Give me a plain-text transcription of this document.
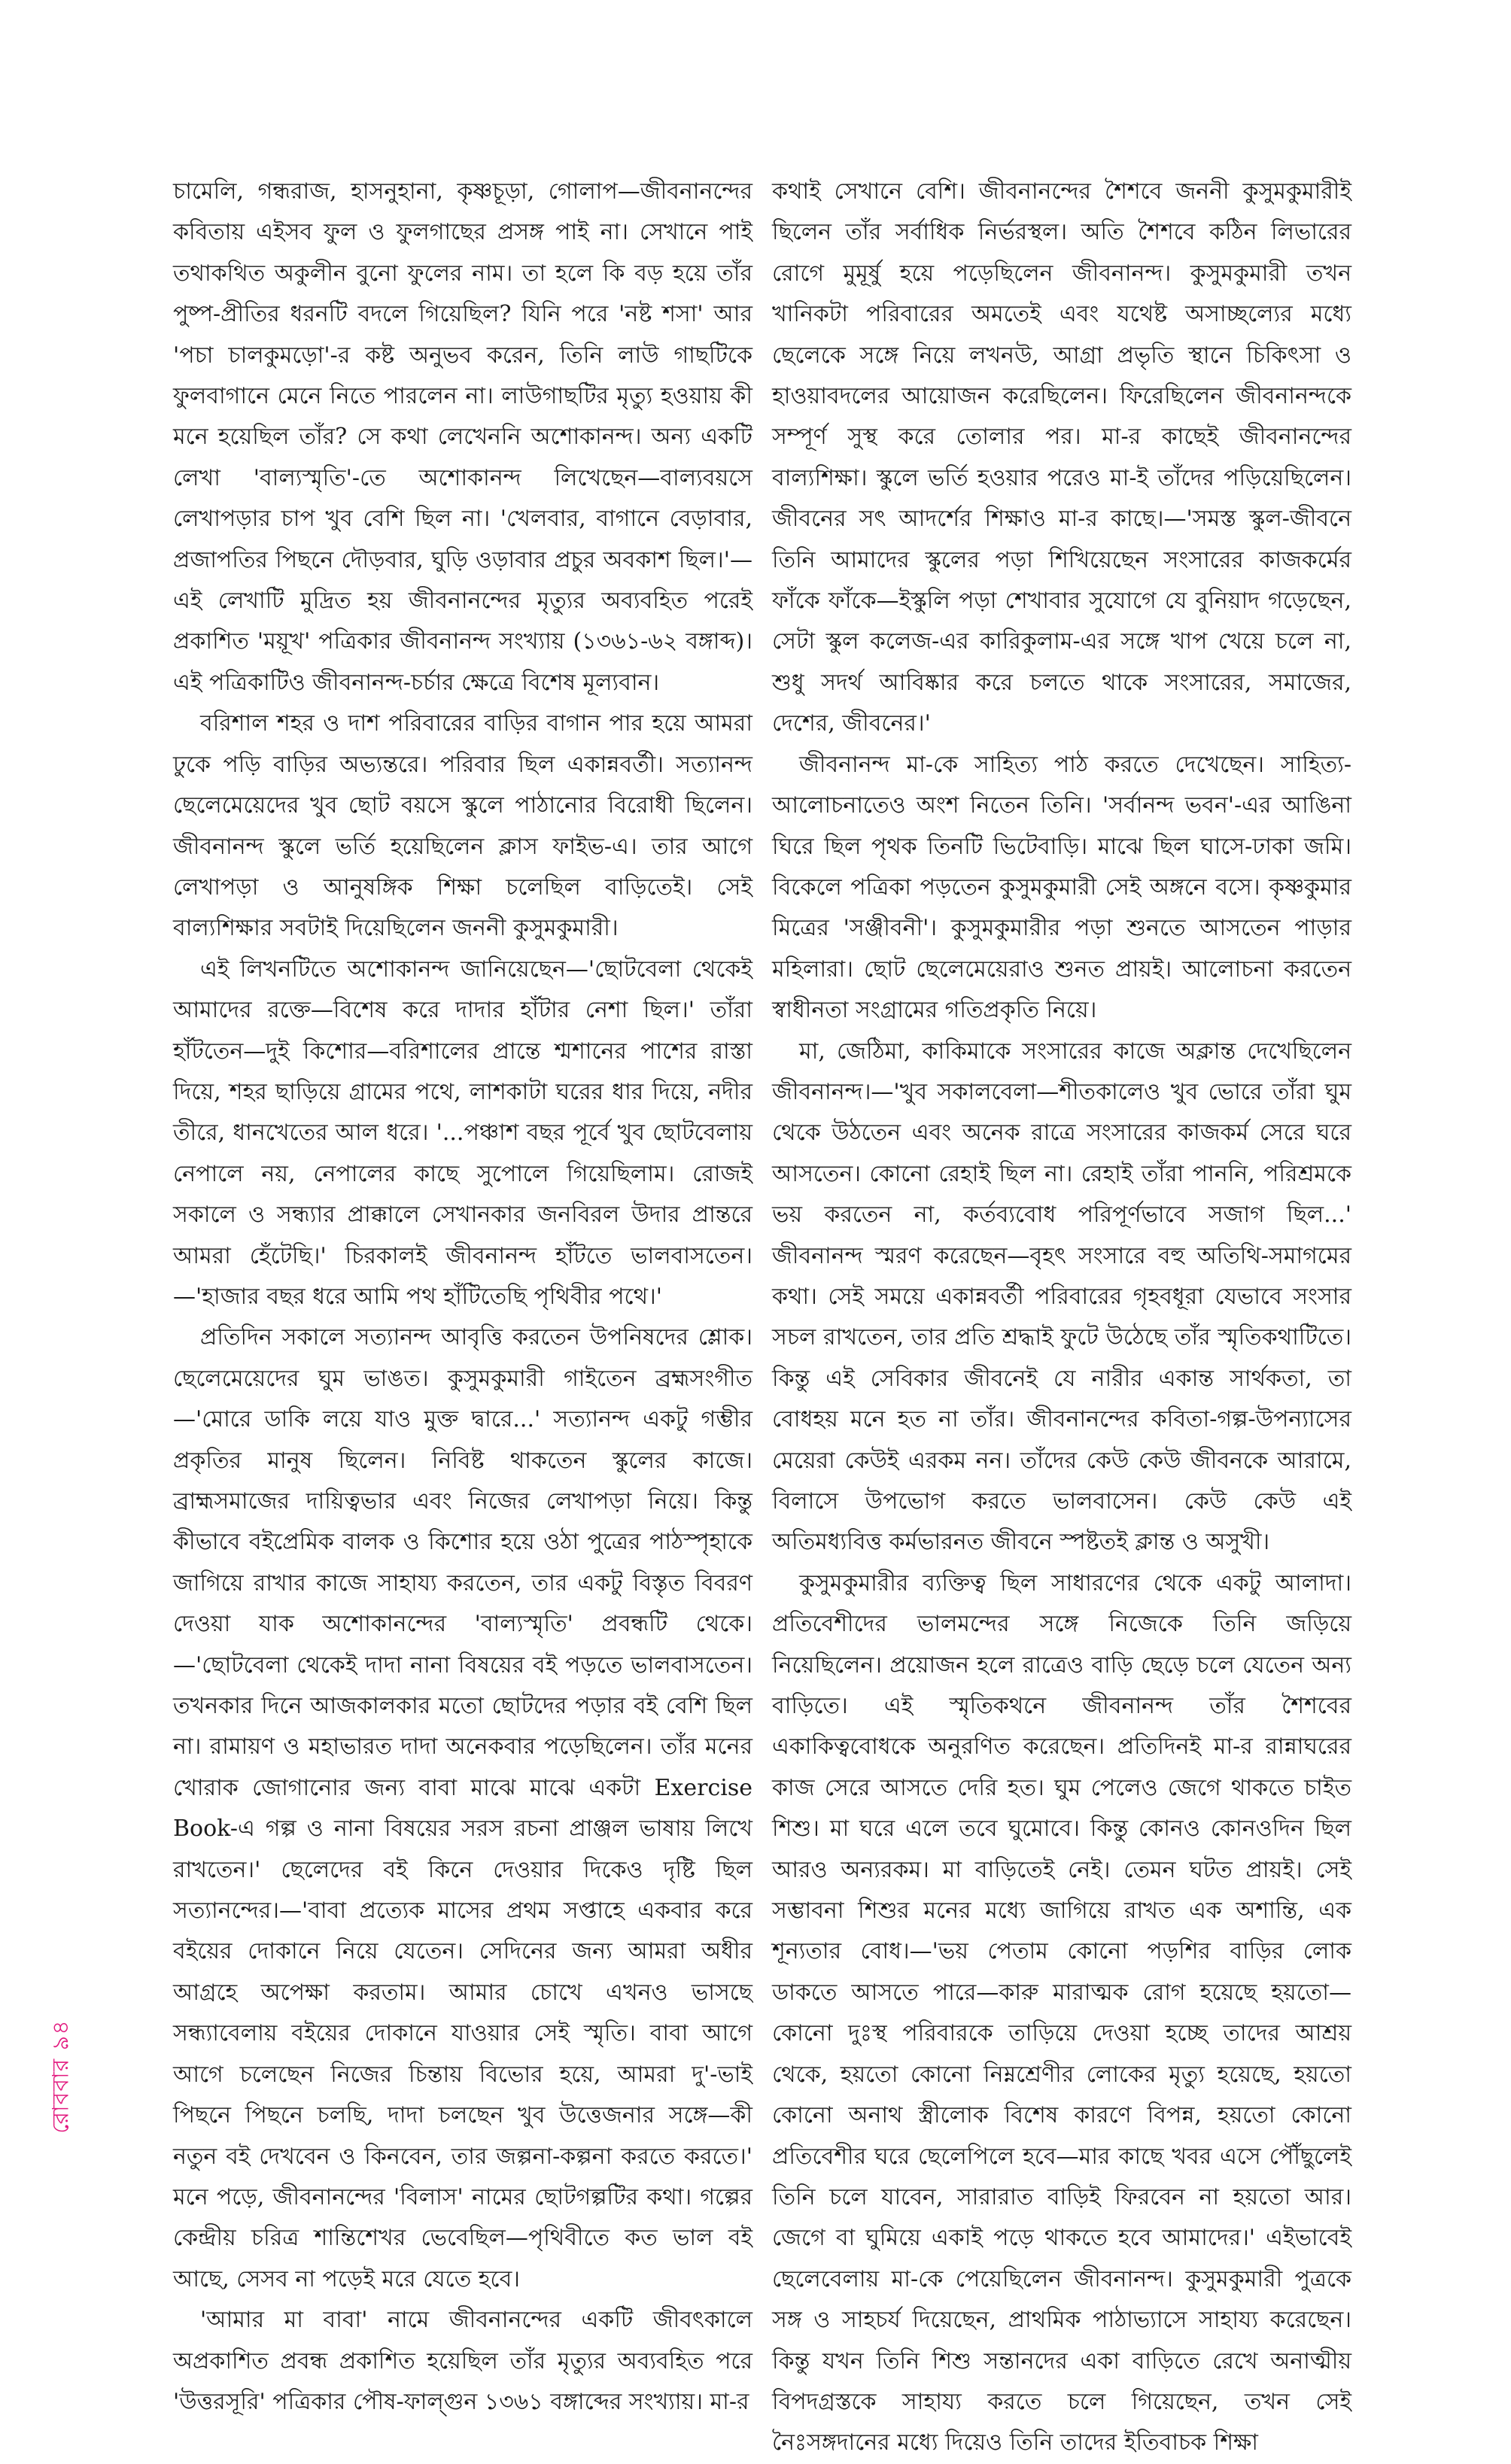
রোববার ৯৪

চামেলি, গন্ধরাজ, হাসনুহানা, কৃষ্ণচূড়া, গোলাপ—জীবনানন্দের কবিতায় এইসব ফুল ও ফুলগাছের প্রসঙ্গ পাই না। সেখানে পাই তথাকথিত অকুলীন বুনো ফুলের নাম। তা হলে কি বড় হয়ে তাঁর পুষ্প-প্রীতির ধরনটি বদলে গিয়েছিল? যিনি পরে 'নষ্ট শসা' আর 'পচা চালকুমড়ো'-র কষ্ট অনুভব করেন, তিনি লাউ গাছটিকে ফুলবাগানে মেনে নিতে পারলেন না। লাউগাছটির মৃত্যু হওয়ায় কী মনে হয়েছিল তাঁর? সে কথা লেখেননি অশোকানন্দ। অন্য একটি লেখা 'বাল্যস্মৃতি'-তে অশোকানন্দ লিখেছেন—বাল্যবয়সে লেখাপড়ার চাপ খুব বেশি ছিল না। 'খেলবার, বাগানে বেড়াবার, প্রজাপতির পিছনে দৌড়বার, ঘুড়ি ওড়াবার প্রচুর অবকাশ ছিল।'—এই লেখাটি মুদ্রিত হয় জীবনানন্দের মৃত্যুর অব্যবহিত পরেই প্রকাশিত 'ময়ূখ' পত্রিকার জীবনানন্দ সংখ্যায় (১৩৬১-৬২ বঙ্গাব্দ)। এই পত্রিকাটিও জীবনানন্দ-চর্চার ক্ষেত্রে বিশেষ মূল্যবান।

বরিশাল শহর ও দাশ পরিবারের বাড়ির বাগান পার হয়ে আমরা ঢুকে পড়ি বাড়ির অভ্যন্তরে। পরিবার ছিল একান্নবর্তী। সত্যানন্দ ছেলেমেয়েদের খুব ছোট বয়সে স্কুলে পাঠানোর বিরোধী ছিলেন। জীবনানন্দ স্কুলে ভর্তি হয়েছিলেন ক্লাস ফাইভ-এ। তার আগে লেখাপড়া ও আনুষঙ্গিক শিক্ষা চলেছিল বাড়িতেই। সেই বাল্যশিক্ষার সবটাই দিয়েছিলেন জননী কুসুমকুমারী।

এই লিখনটিতে অশোকানন্দ জানিয়েছেন—'ছোটবেলা থেকেই আমাদের রক্তে—বিশেষ করে দাদার হাঁটার নেশা ছিল।' তাঁরা হাঁটতেন—দুই কিশোর—বরিশালের প্রান্তে শ্মশানের পাশের রাস্তা দিয়ে, শহর ছাড়িয়ে গ্রামের পথে, লাশকাটা ঘরের ধার দিয়ে, নদীর তীরে, ধানখেতের আল ধরে। '...পঞ্চাশ বছর পূর্বে খুব ছোটবেলায় নেপালে নয়, নেপালের কাছে সুপোলে গিয়েছিলাম। রোজই সকালে ও সন্ধ্যার প্রাক্কালে সেখানকার জনবিরল উদার প্রান্তরে আমরা হেঁটেছি।' চিরকালই জীবনানন্দ হাঁটতে ভালবাসতেন।—'হাজার বছর ধরে আমি পথ হাঁটিতেছি পৃথিবীর পথে।'

প্রতিদিন সকালে সত্যানন্দ আবৃত্তি করতেন উপনিষদের শ্লোক। ছেলেমেয়েদের ঘুম ভাঙত। কুসুমকুমারী গাইতেন ব্রহ্মসংগীত—'মোরে ডাকি লয়ে যাও মুক্ত দ্বারে...' সত্যানন্দ একটু গম্ভীর প্রকৃতির মানুষ ছিলেন। নিবিষ্ট থাকতেন স্কুলের কাজে। ব্রাহ্মসমাজের দায়িত্বভার এবং নিজের লেখাপড়া নিয়ে। কিন্তু কীভাবে বইপ্রেমিক বালক ও কিশোর হয়ে ওঠা পুত্রের পাঠস্পৃহাকে জাগিয়ে রাখার কাজে সাহায্য করতেন, তার একটু বিস্তৃত বিবরণ দেওয়া যাক অশোকানন্দের 'বাল্যস্মৃতি' প্রবন্ধটি থেকে।—'ছোটবেলা থেকেই দাদা নানা বিষয়ের বই পড়তে ভালবাসতেন। তখনকার দিনে আজকালকার মতো ছোটদের পড়ার বই বেশি ছিল না। রামায়ণ ও মহাভারত দাদা অনেকবার পড়েছিলেন। তাঁর মনের খোরাক জোগানোর জন্য বাবা মাঝে মাঝে একটা Exercise Book-এ গল্প ও নানা বিষয়ের সরস রচনা প্রাঞ্জল ভাষায় লিখে রাখতেন।' ছেলেদের বই কিনে দেওয়ার দিকেও দৃষ্টি ছিল সত্যানন্দের।—'বাবা প্রত্যেক মাসের প্রথম সপ্তাহে একবার করে বইয়ের দোকানে নিয়ে যেতেন। সেদিনের জন্য আমরা অধীর আগ্রহে অপেক্ষা করতাম। আমার চোখে এখনও ভাসছে সন্ধ্যাবেলায় বইয়ের দোকানে যাওয়ার সেই স্মৃতি। বাবা আগে আগে চলেছেন নিজের চিন্তায় বিভোর হয়ে, আমরা দু'-ভাই পিছনে পিছনে চলছি, দাদা চলছেন খুব উত্তেজনার সঙ্গে—কী নতুন বই দেখবেন ও কিনবেন, তার জল্পনা-কল্পনা করতে করতে।' মনে পড়ে, জীবনানন্দের 'বিলাস' নামের ছোটগল্পটির কথা। গল্পের কেন্দ্রীয় চরিত্র শান্তিশেখর ভেবেছিল—পৃথিবীতে কত ভাল বই আছে, সেসব না পড়েই মরে যেতে হবে।

'আমার মা বাবা' নামে জীবনানন্দের একটি জীবৎকালে অপ্রকাশিত প্রবন্ধ প্রকাশিত হয়েছিল তাঁর মৃত্যুর অব্যবহিত পরে 'উত্তরসূরি' পত্রিকার পৌষ-ফাল্গুন ১৩৬১ বঙ্গাব্দের সংখ্যায়। মা-র

কথাই সেখানে বেশি। জীবনানন্দের শৈশবে জননী কুসুমকুমারীই ছিলেন তাঁর সর্বাধিক নির্ভরস্থল। অতি শৈশবে কঠিন লিভারের রোগে মুমূর্ষু হয়ে পড়েছিলেন জীবনানন্দ। কুসুমকুমারী তখন খানিকটা পরিবারের অমতেই এবং যথেষ্ট অসাচ্ছল্যের মধ্যে ছেলেকে সঙ্গে নিয়ে লখনউ, আগ্রা প্রভৃতি স্থানে চিকিৎসা ও হাওয়াবদলের আয়োজন করেছিলেন। ফিরেছিলেন জীবনানন্দকে সম্পূর্ণ সুস্থ করে তোলার পর। মা-র কাছেই জীবনানন্দের বাল্যশিক্ষা। স্কুলে ভর্তি হওয়ার পরেও মা-ই তাঁদের পড়িয়েছিলেন। জীবনের সৎ আদর্শের শিক্ষাও মা-র কাছে।—'সমস্ত স্কুল-জীবনে তিনি আমাদের স্কুলের পড়া শিখিয়েছেন সংসারের কাজকর্মের ফাঁকে ফাঁকে—ইস্কুলি পড়া শেখাবার সুযোগে যে বুনিয়াদ গড়েছেন, সেটা স্কুল কলেজ-এর কারিকুলাম-এর সঙ্গে খাপ খেয়ে চলে না, শুধু সদর্থ আবিষ্কার করে চলতে থাকে সংসারের, সমাজের, দেশের, জীবনের।'

জীবনানন্দ মা-কে সাহিত্য পাঠ করতে দেখেছেন। সাহিত্য-আলোচনাতেও অংশ নিতেন তিনি। 'সর্বানন্দ ভবন'-এর আঙিনা ঘিরে ছিল পৃথক তিনটি ভিটেবাড়ি। মাঝে ছিল ঘাসে-ঢাকা জমি। বিকেলে পত্রিকা পড়তেন কুসুমকুমারী সেই অঙ্গনে বসে। কৃষ্ণকুমার মিত্রের 'সঞ্জীবনী'। কুসুমকুমারীর পড়া শুনতে আসতেন পাড়ার মহিলারা। ছোট ছেলেমেয়েরাও শুনত প্রায়ই। আলোচনা করতেন স্বাধীনতা সংগ্রামের গতিপ্রকৃতি নিয়ে।

মা, জেঠিমা, কাকিমাকে সংসারের কাজে অক্লান্ত দেখেছিলেন জীবনানন্দ।—'খুব সকালবেলা—শীতকালেও খুব ভোরে তাঁরা ঘুম থেকে উঠতেন এবং অনেক রাত্রে সংসারের কাজকর্ম সেরে ঘরে আসতেন। কোনো রেহাই ছিল না। রেহাই তাঁরা পাননি, পরিশ্রমকে ভয় করতেন না, কর্তব্যবোধ পরিপূর্ণভাবে সজাগ ছিল...' জীবনানন্দ স্মরণ করেছেন—বৃহৎ সংসারে বহু অতিথি-সমাগমের কথা। সেই সময়ে একান্নবর্তী পরিবারের গৃহবধূরা যেভাবে সংসার সচল রাখতেন, তার প্রতি শ্রদ্ধাই ফুটে উঠেছে তাঁর স্মৃতিকথাটিতে। কিন্তু এই সেবিকার জীবনেই যে নারীর একান্ত সার্থকতা, তা বোধহয় মনে হত না তাঁর। জীবনানন্দের কবিতা-গল্প-উপন্যাসের মেয়েরা কেউই এরকম নন। তাঁদের কেউ কেউ জীবনকে আরামে, বিলাসে উপভোগ করতে ভালবাসেন। কেউ কেউ এই অতিমধ্যবিত্ত কর্মভারনত জীবনে স্পষ্টতই ক্লান্ত ও অসুখী।

কুসুমকুমারীর ব্যক্তিত্ব ছিল সাধারণের থেকে একটু আলাদা। প্রতিবেশীদের ভালমন্দের সঙ্গে নিজেকে তিনি জড়িয়ে নিয়েছিলেন। প্রয়োজন হলে রাত্রেও বাড়ি ছেড়ে চলে যেতেন অন্য বাড়িতে। এই স্মৃতিকথনে জীবনানন্দ তাঁর শৈশবের একাকিত্ববোধকে অনুরণিত করেছেন। প্রতিদিনই মা-র রান্নাঘরের কাজ সেরে আসতে দেরি হত। ঘুম পেলেও জেগে থাকতে চাইত শিশু। মা ঘরে এলে তবে ঘুমোবে। কিন্তু কোনও কোনওদিন ছিল আরও অন্যরকম। মা বাড়িতেই নেই। তেমন ঘটত প্রায়ই। সেই সম্ভাবনা শিশুর মনের মধ্যে জাগিয়ে রাখত এক অশান্তি, এক শূন্যতার বোধ।—'ভয় পেতাম কোনো পড়শির বাড়ির লোক ডাকতে আসতে পারে—কারু মারাত্মক রোগ হয়েছে হয়তো—কোনো দুঃস্থ পরিবারকে তাড়িয়ে দেওয়া হচ্ছে তাদের আশ্রয় থেকে, হয়তো কোনো নিম্নশ্রেণীর লোকের মৃত্যু হয়েছে, হয়তো কোনো অনাথ স্ত্রীলোক বিশেষ কারণে বিপন্ন, হয়তো কোনো প্রতিবেশীর ঘরে ছেলেপিলে হবে—মার কাছে খবর এসে পৌঁছুলেই তিনি চলে যাবেন, সারারাত বাড়িই ফিরবেন না হয়তো আর। জেগে বা ঘুমিয়ে একাই পড়ে থাকতে হবে আমাদের।' এইভাবেই ছেলেবেলায় মা-কে পেয়েছিলেন জীবনানন্দ। কুসুমকুমারী পুত্রকে সঙ্গ ও সাহচর্য দিয়েছেন, প্রাথমিক পাঠাভ্যাসে সাহায্য করেছেন। কিন্তু যখন তিনি শিশু সন্তানদের একা বাড়িতে রেখে অনাত্মীয় বিপদগ্রস্তকে সাহায্য করতে চলে গিয়েছেন, তখন সেই নৈঃসঙ্গদানের মধ্যে দিয়েও তিনি তাদের ইতিবাচক শিক্ষা
